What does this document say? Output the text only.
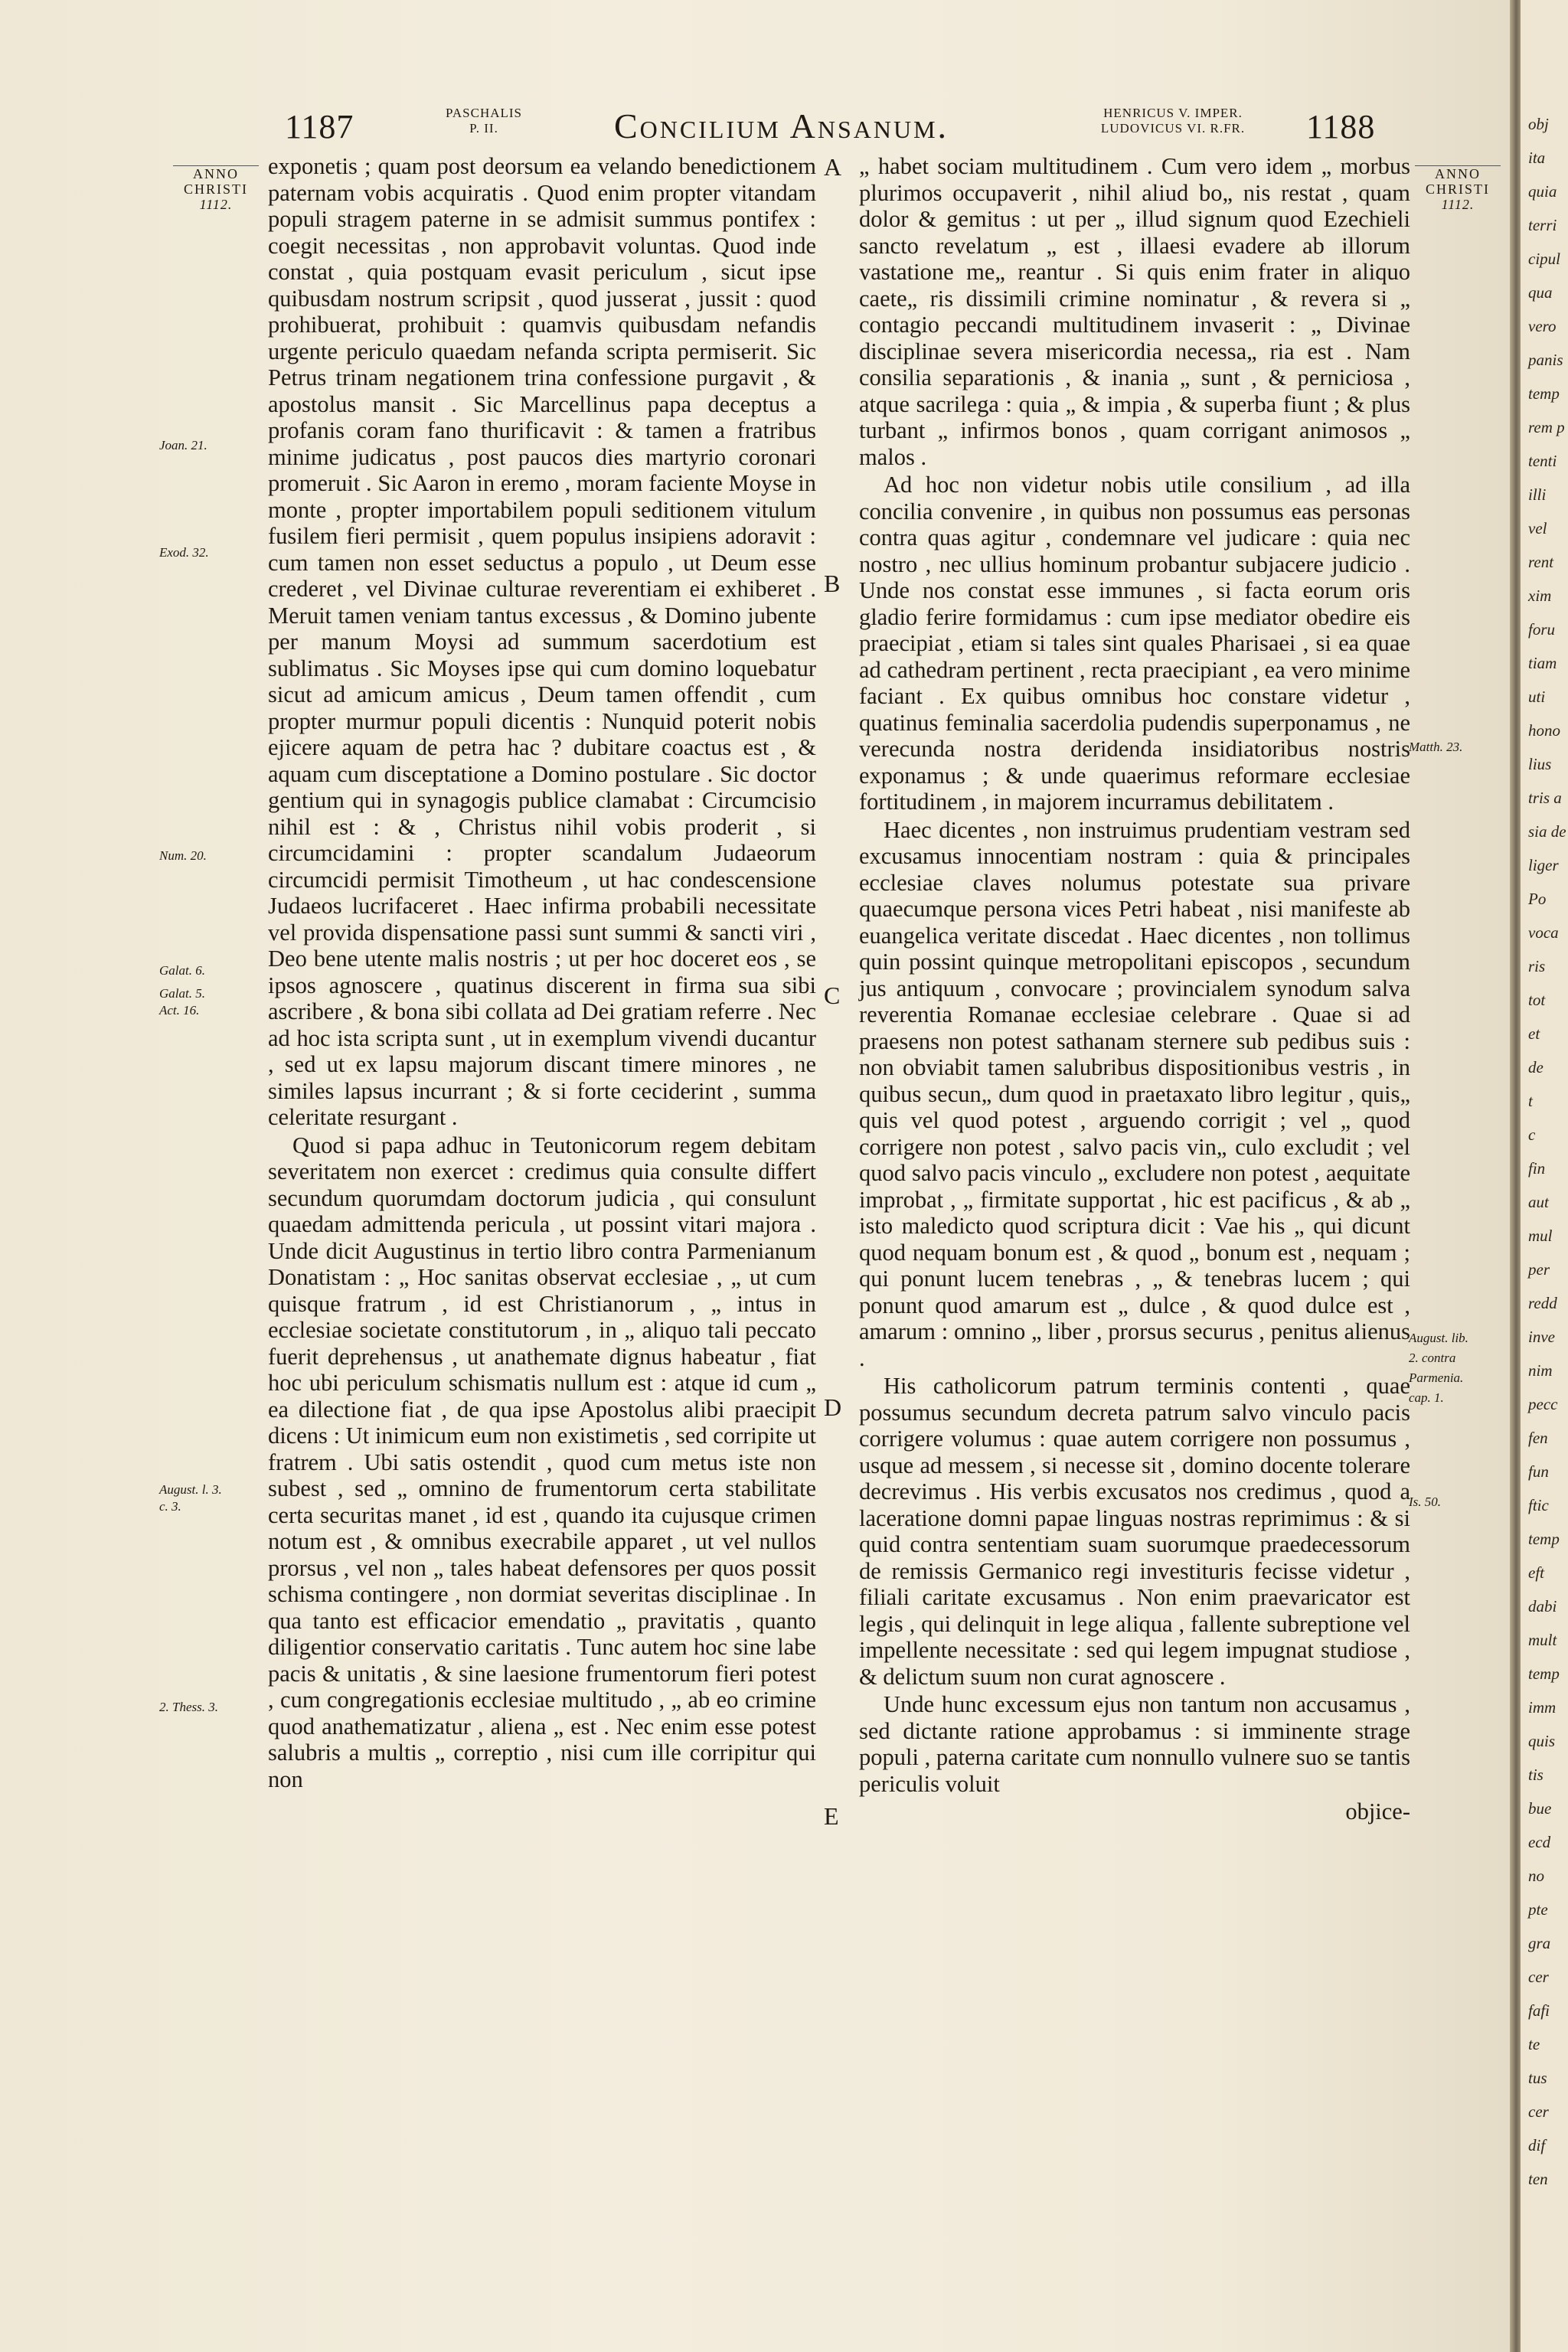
1187	PASCHALIS
P. II.	Concilium Ansanum.	HENRICUS V. IMPER.
LUDOVICUS VI. R.FR.	1188
ANNO
CHRISTI
1112.
ANNO
CHRISTI
1112.
Joan. 21.
Exod. 32.
Num. 20.
Galat. 6.
Galat. 5.
Act. 16.
August. l. 3.
c. 3.
2. Thess. 3.
Matth. 23.
August. lib.
2. contra
Parmenia.
cap. 1.
Is. 50.
A
B
C
D
E

exponetis ; quam post deorsum ea velando benedictionem paternam vobis acquiratis . Quod enim propter vitandam populi stragem paterne in se admisit summus pontifex : coegit necessitas , non approbavit voluntas. Quod inde constat , quia postquam evasit periculum , sicut ipse quibusdam nostrum scripsit , quod jusserat , jussit : quod prohibuerat, prohibuit : quamvis quibusdam nefandis urgente periculo quaedam nefanda scripta permiserit. Sic Petrus trinam negationem trina confessione purgavit , & apostolus mansit . Sic Marcellinus papa deceptus a profanis coram fano thurificavit : & tamen a fratribus minime judicatus , post paucos dies martyrio coronari promeruit . Sic Aaron in eremo , moram faciente Moyse in monte , propter importabilem populi seditionem vitulum fusilem fieri permisit , quem populus insipiens adoravit : cum tamen non esset seductus a populo , ut Deum esse crederet , vel Divinae culturae reverentiam ei exhiberet . Meruit tamen veniam tantus excessus , & Domino jubente per manum Moysi ad summum sacerdotium est sublimatus . Sic Moyses ipse qui cum domino loquebatur sicut ad amicum amicus , Deum tamen offendit , cum propter murmur populi dicentis : Nunquid poterit nobis ejicere aquam de petra hac ? dubitare coactus est , & aquam cum disceptatione a Domino postulare . Sic doctor gentium qui in synagogis publice clamabat : Circumcisio nihil est : & , Christus nihil vobis proderit , si circumcidamini : propter scandalum Judaeorum circumcidi permisit Timotheum , ut hac condescensione Judaeos lucrifaceret . Haec infirma probabili necessitate vel provida dispensatione passi sunt summi & sancti viri , Deo bene utente malis nostris ; ut per hoc doceret eos , se ipsos agnoscere , quatinus discerent in firma sua sibi ascribere , & bona sibi collata ad Dei gratiam referre . Nec ad hoc ista scripta sunt , ut in exemplum vivendi ducantur , sed ut ex lapsu majorum discant timere minores , ne similes lapsus incurrant ; & si forte ceciderint , summa celeritate resurgant .

Quod si papa adhuc in Teutonicorum regem debitam severitatem non exercet : credimus quia consulte differt secundum quorumdam doctorum judicia , qui consulunt quaedam admittenda pericula , ut possint vitari majora . Unde dicit Augustinus in tertio libro contra Parmenianum Donatistam : „ Hoc sanitas observat ecclesiae , „ ut cum quisque fratrum , id est Christianorum , „ intus in ecclesiae societate constitutorum , in „ aliquo tali peccato fuerit deprehensus , ut anathemate dignus habeatur , fiat hoc ubi periculum schismatis nullum est : atque id cum „ ea dilectione fiat , de qua ipse Apostolus alibi praecipit dicens : Ut inimicum eum non existimetis , sed corripite ut fratrem . Ubi satis ostendit , quod cum metus iste non subest , sed „ omnino de frumentorum certa stabilitate certa securitas manet , id est , quando ita cujusque crimen notum est , & omnibus execrabile apparet , ut vel nullos prorsus , vel non „ tales habeat defensores per quos possit schisma contingere , non dormiat severitas disciplinae . In qua tanto est efficacior emendatio „ pravitatis , quanto diligentior conservatio caritatis . Tunc autem hoc sine labe pacis & unitatis , & sine laesione frumentorum fieri potest , cum congregationis ecclesiae multitudo , „ ab eo crimine quod anathematizatur , aliena „ est . Nec enim esse potest salubris a multis „ correptio , nisi cum ille corripitur qui non

„ habet sociam multitudinem . Cum vero idem „ morbus plurimos occupaverit , nihil aliud bo„ nis restat , quam dolor & gemitus : ut per „ illud signum quod Ezechieli sancto revelatum „ est , illaesi evadere ab illorum vastatione me„ reantur . Si quis enim frater in aliquo caete„ ris dissimili crimine nominatur , & revera si „ contagio peccandi multitudinem invaserit : „ Divinae disciplinae severa misericordia necessa„ ria est . Nam consilia separationis , & inania „ sunt , & perniciosa , atque sacrilega : quia „ & impia , & superba fiunt ; & plus turbant „ infirmos bonos , quam corrigant animosos „ malos .

Ad hoc non videtur nobis utile consilium , ad illa concilia convenire , in quibus non possumus eas personas contra quas agitur , condemnare vel judicare : quia nec nostro , nec ullius hominum probantur subjacere judicio . Unde nos constat esse immunes , si facta eorum oris gladio ferire formidamus : cum ipse mediator obedire eis praecipiat , etiam si tales sint quales Pharisaei , si ea quae ad cathedram pertinent , recta praecipiant , ea vero minime faciant . Ex quibus omnibus hoc constare videtur , quatinus feminalia sacerdolia pudendis superponamus , ne verecunda nostra deridenda insidiatoribus nostris exponamus ; & unde quaerimus reformare ecclesiae fortitudinem , in majorem incurramus debilitatem .

Haec dicentes , non instruimus prudentiam vestram sed excusamus innocentiam nostram : quia & principales ecclesiae claves nolumus potestate sua privare quaecumque persona vices Petri habeat , nisi manifeste ab euangelica veritate discedat . Haec dicentes , non tollimus quin possint quinque metropolitani episcopos , secundum jus antiquum , convocare ; provincialem synodum salva reverentia Romanae ecclesiae celebrare . Quae si ad praesens non potest sathanam sternere sub pedibus suis : non obviabit tamen salubribus dispositionibus vestris , in quibus secun„ dum quod in praetaxato libro legitur , quis„ quis vel quod potest , arguendo corrigit ; vel „ quod corrigere non potest , salvo pacis vin„ culo excludit ; vel quod salvo pacis vinculo „ excludere non potest , aequitate improbat , „ firmitate supportat , hic est pacificus , & ab „ isto maledicto quod scriptura dicit : Vae his „ qui dicunt quod nequam bonum est , & quod „ bonum est , nequam ; qui ponunt lucem tenebras , „ & tenebras lucem ; qui ponunt quod amarum est „ dulce , & quod dulce est , amarum : omnino „ liber , prorsus securus , penitus alienus .

His catholicorum patrum terminis contenti , quae possumus secundum decreta patrum salvo vinculo pacis corrigere volumus : quae autem corrigere non possumus , usque ad messem , si necesse sit , domino docente tolerare decrevimus . His verbis excusatos nos credimus , quod a laceratione domni papae linguas nostras reprimimus : & si quid contra sententiam suam suorumque praedecessorum de remissis Germanico regi investituris fecisse videtur , filiali caritate excusamus . Non enim praevaricator est legis , qui delinquit in lege aliqua , fallente subreptione vel impellente necessitate : sed qui legem impugnat studiose , & delictum suum non curat agnoscere .

Unde hunc excessum ejus non tantum non accusamus , sed dictante ratione approbamus : si imminente strage populi , paterna caritate cum nonnullo vulnere suo se tantis periculis voluit

objice-

obj
ita
quia
terri
cipul
qua
vero
panis
temp
rem p
tenti
illi
vel
rent
xim
foru
tiam
uti
hono
lius
tris a
sia de
liger
Po
voca
ris
tot
et
de
t
c
fin
aut
mul
per
redd
inve
nim
pecc
fen
fun
ftic
temp
eft
dabi
mult
temp
imm
quis
tis
bue
ecd
no
pte
gra
cer
fafi
te
tus
cer
dif
ten
